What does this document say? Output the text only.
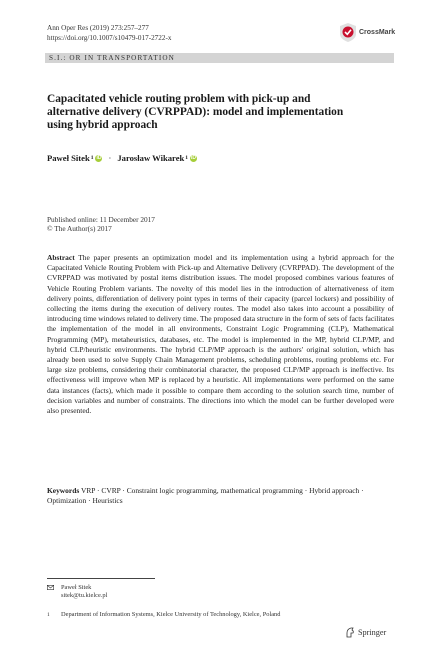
Ann Oper Res (2019) 273:257–277
https://doi.org/10.1007/s10479-017-2722-x
CrossMark
S.I.: OR IN TRANSPORTATION
Capacitated vehicle routing problem with pick-up and alternative delivery (CVRPPAD): model and implementation using hybrid approach
Paweł Sitek 1 iD · Jarosław Wikarek 1 iD
Published online: 11 December 2017
© The Author(s) 2017

Abstract The paper presents an optimization model and its implementation using a hybrid approach for the Capacitated Vehicle Routing Problem with Pick-up and Alternative Delivery (CVRPPAD). The development of the CVRPPAD was motivated by postal items distribution issues. The model proposed combines various features of Vehicle Routing Problem variants. The novelty of this model lies in the introduction of alternativeness of item delivery points, differentiation of delivery point types in terms of their capacity (parcel lockers) and possibility of collecting the items during the execution of delivery routes. The model also takes into account a possibility of introducing time windows related to delivery time. The proposed data structure in the form of sets of facts facilitates the implementation of the model in all environments, Constraint Logic Programming (CLP), Mathematical Programming (MP), metaheuristics, databases, etc. The model is implemented in the MP, hybrid CLP/MP, and hybrid CLP/heuristic environments. The hybrid CLP/MP approach is the authors' original solution, which has already been used to solve Supply Chain Management problems, scheduling problems, routing problems etc. For large size problems, considering their combinatorial character, the proposed CLP/MP approach is ineffective. Its effectiveness will improve when MP is replaced by a heuristic. All implementations were performed on the same data instances (facts), which made it possible to compare them according to the solution search time, number of decision variables and number of constraints. The directions into which the model can be further developed were also presented.

Keywords VRP · CVRP · Constraint logic programming, mathematical programming · Hybrid approach · Optimization · Heuristics

Paweł Sitek
sitek@tu.kielce.pl
1 Department of Information Systems, Kielce University of Technology, Kielce, Poland
Springer
